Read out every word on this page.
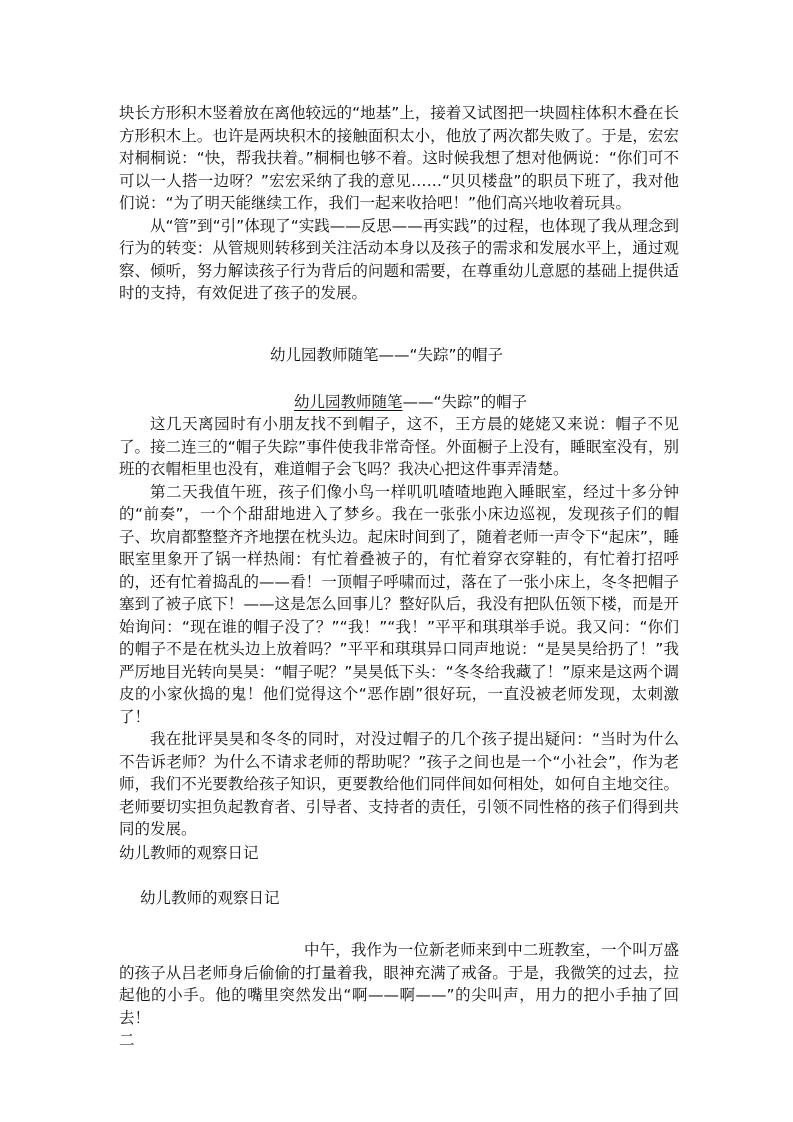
块长方形积木竖着放在离他较远的“地基”上，接着又试图把一块圆柱体积木叠在长方形积木上。也许是两块积木的接触面积太小，他放了两次都失败了。于是，宏宏对桐桐说：“快，帮我扶着。”桐桐也够不着。这时候我想了想对他俩说：“你们可不可以一人搭一边呀？”宏宏采纳了我的意见……“贝贝楼盘”的职员下班了，我对他们说：“为了明天能继续工作，我们一起来收拾吧！”他们高兴地收着玩具。

从“管”到“引”体现了“实践——反思——再实践”的过程，也体现了我从理念到行为的转变：从管规则转移到关注活动本身以及孩子的需求和发展水平上，通过观察、倾听，努力解读孩子行为背后的问题和需要，在尊重幼儿意愿的基础上提供适时的支持，有效促进了孩子的发展。

幼儿园教师随笔——“失踪”的帽子
幼儿园教师随笔——“失踪”的帽子

这几天离园时有小朋友找不到帽子，这不，王方晨的姥姥又来说：帽子不见了。接二连三的“帽子失踪”事件使我非常奇怪。外面橱子上没有，睡眠室没有，别班的衣帽柜里也没有，难道帽子会飞吗？我决心把这件事弄清楚。

第二天我值午班，孩子们像小鸟一样叽叽喳喳地跑入睡眠室，经过十多分钟的“前奏”，一个个甜甜地进入了梦乡。我在一张张小床边巡视，发现孩子们的帽子、坎肩都整整齐齐地摆在枕头边。起床时间到了，随着老师一声令下“起床”，睡眠室里象开了锅一样热闹：有忙着叠被子的，有忙着穿衣穿鞋的，有忙着打招呼的，还有忙着捣乱的——看！一顶帽子呼啸而过，落在了一张小床上，冬冬把帽子塞到了被子底下！——这是怎么回事儿？整好队后，我没有把队伍领下楼，而是开始询问：“现在谁的帽子没了？”“我！”“我！”平平和琪琪举手说。我又问：“你们的帽子不是在枕头边上放着吗？”平平和琪琪异口同声地说：“是昊昊给扔了！”我严厉地目光转向昊昊：“帽子呢？”昊昊低下头：“冬冬给我藏了！”原来是这两个调皮的小家伙捣的鬼！他们觉得这个“恶作剧”很好玩，一直没被老师发现，太刺激了！

我在批评昊昊和冬冬的同时，对没过帽子的几个孩子提出疑问：“当时为什么不告诉老师？为什么不请求老师的帮助呢？”孩子之间也是一个“小社会”，作为老师，我们不光要教给孩子知识，更要教给他们同伴间如何相处，如何自主地交往。老师要切实担负起教育者、引导者、支持者的责任，引领不同性格的孩子们得到共同的发展。

幼儿教师的观察日记
幼儿教师的观察日记

中午，我作为一位新老师来到中二班教室，一个叫万盛的孩子从吕老师身后偷偷的打量着我，眼神充满了戒备。于是，我微笑的过去，拉起他的小手。他的嘴里突然发出“啊——啊——”的尖叫声，用力的把小手抽了回去！

二
